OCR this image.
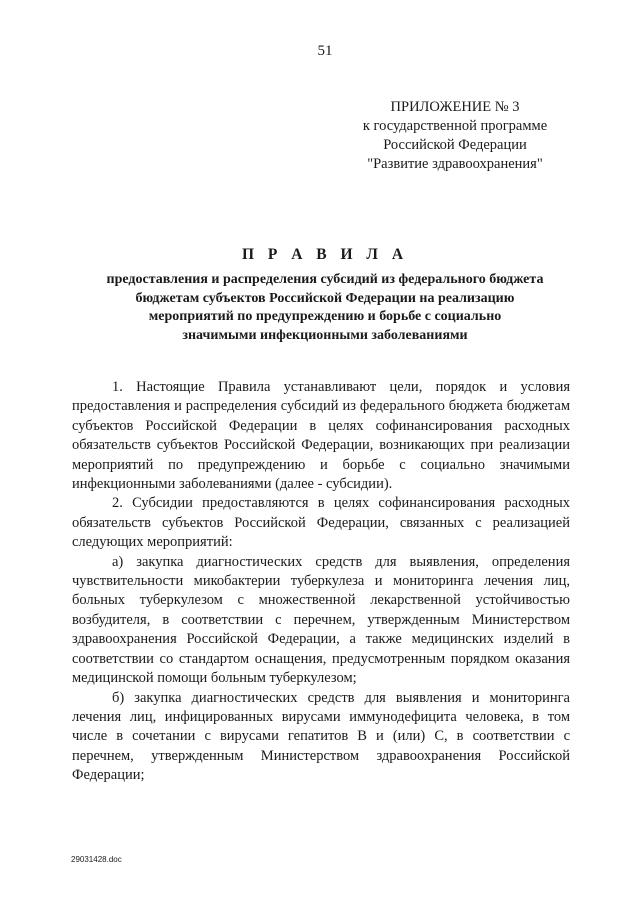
51
ПРИЛОЖЕНИЕ № 3
к государственной программе
Российской Федерации
"Развитие здравоохранения"
П Р А В И Л А
предоставления и распределения субсидий из федерального бюджета
бюджетам субъектов Российской Федерации на реализацию
мероприятий по предупреждению и борьбе с социально
значимыми инфекционными заболеваниями

1. Настоящие Правила устанавливают цели, порядок и условия предоставления и распределения субсидий из федерального бюджета бюджетам субъектов Российской Федерации в целях софинансирования расходных обязательств субъектов Российской Федерации, возникающих при реализации мероприятий по предупреждению и борьбе с социально значимыми инфекционными заболеваниями (далее - субсидии).

2. Субсидии предоставляются в целях софинансирования расходных обязательств субъектов Российской Федерации, связанных с реализацией следующих мероприятий:

а) закупка диагностических средств для выявления, определения чувствительности микобактерии туберкулеза и мониторинга лечения лиц, больных туберкулезом с множественной лекарственной устойчивостью возбудителя, в соответствии с перечнем, утвержденным Министерством здравоохранения Российской Федерации, а также медицинских изделий в соответствии со стандартом оснащения, предусмотренным порядком оказания медицинской помощи больным туберкулезом;

б) закупка диагностических средств для выявления и мониторинга лечения лиц, инфицированных вирусами иммунодефицита человека, в том числе в сочетании с вирусами гепатитов В и (или) С, в соответствии с перечнем, утвержденным Министерством здравоохранения Российской Федерации;

29031428.doc
